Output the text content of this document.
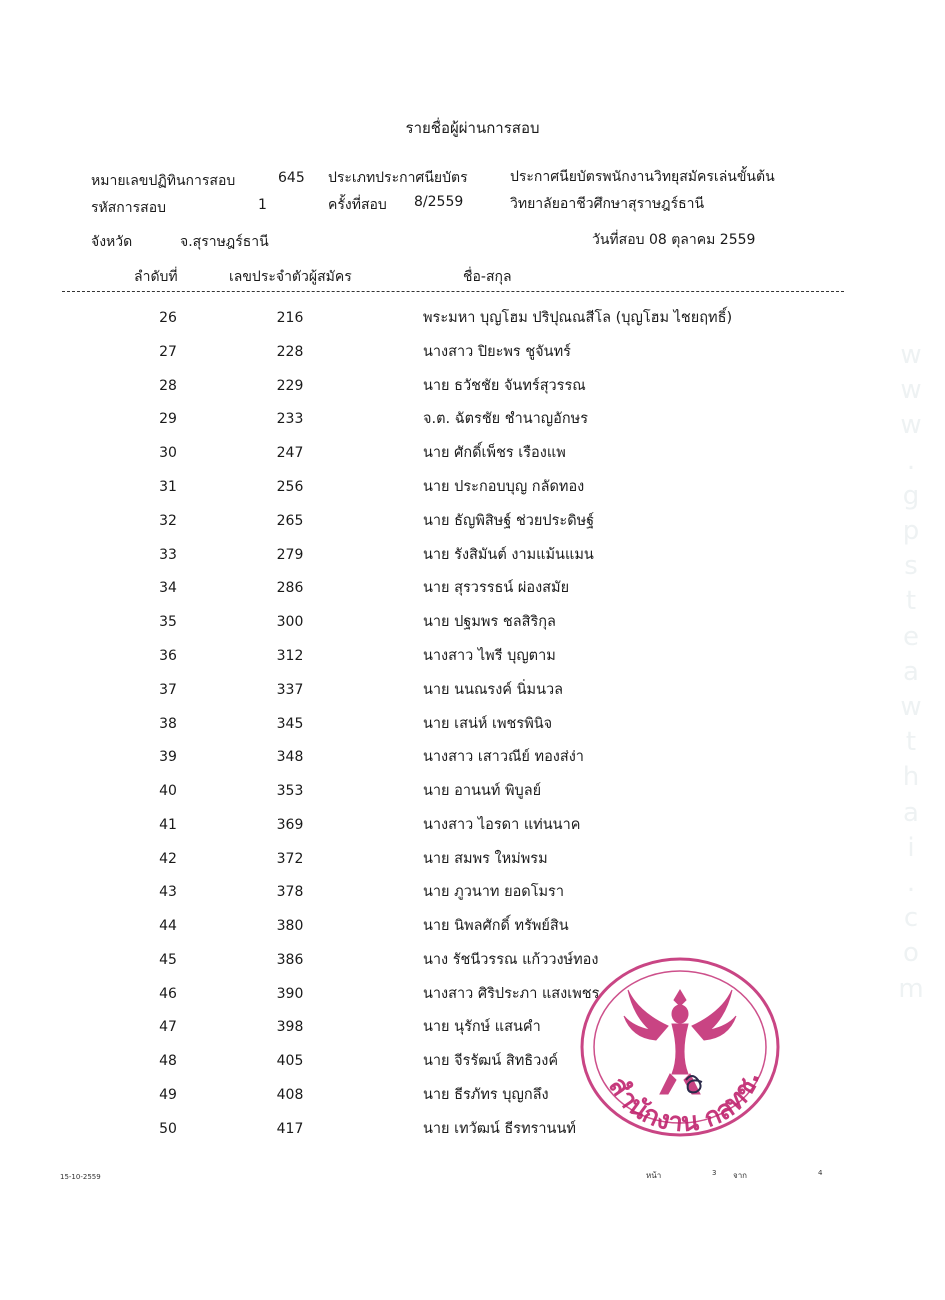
รายชื่อผู้ผ่านการสอบ
หมายเลขปฏิทินการสอบ	645
รหัสการสอบ	1
ประเภทประกาศนียบัตร
ครั้งที่สอบ 8/2559
ประกาศนียบัตรพนักงานวิทยุสมัครเล่นขั้นต้น
วิทยาลัยอาชีวศึกษาสุราษฎร์ธานี
จังหวัด	จ.สุราษฎร์ธานี	วันที่สอบ 08 ตุลาคม 2559
ลำดับที่	เลขประจำตัวผู้สมัคร	ชื่อ-สกุล
26	216	พระมหา บุญโฮม ปริปุณณสีโล (บุญโฮม ไชยฤทธิ์)
27	228	นางสาว ปิยะพร ชูจันทร์
28	229	นาย ธวัชชัย จันทร์สุวรรณ
29	233	จ.ต. ฉัตรชัย ชำนาญอักษร
30	247	นาย ศักดิ์เพ็ชร เรืองแพ
31	256	นาย ประกอบบุญ กลัดทอง
32	265	นาย ธัญพิสิษฐ์ ช่วยประดิษฐ์
33	279	นาย รังสิมันต์ งามแม้นแมน
34	286	นาย สุรวรรธน์ ผ่องสมัย
35	300	นาย ปฐมพร ชลสิริกุล
36	312	นางสาว ไพรี บุญตาม
37	337	นาย นนณรงค์ นิ่มนวล
38	345	นาย เสน่ห์ เพชรพินิจ
39	348	นางสาว เสาวณีย์ ทองส่ง่า
40	353	นาย อานนท์ พิบูลย์
41	369	นางสาว ไอรดา แท่นนาค
42	372	นาย สมพร ใหม่พรม
43	378	นาย ภูวนาท ยอดโมรา
44	380	นาย นิพลศักดิ์ ทรัพย์สิน
45	386	นาง รัชนีวรรณ แก้ววงษ์ทอง
46	390	นางสาว ศิริประภา แสงเพชร
47	398	นาย นุรักษ์ แสนคำ
48	405	นาย จีรรัฒน์ สิทธิวงค์
49	408	นาย ธีรภัทร บุญกลึง
50	417	นาย เทวัฒน์ ธีรทรานนท์
สำนักงาน กสทช.
w
w
w
.
g
p
s
t
e
a
w
t
h
a
i
.
c
o
m
15-10-2559	หน้า	3 จาก	4
